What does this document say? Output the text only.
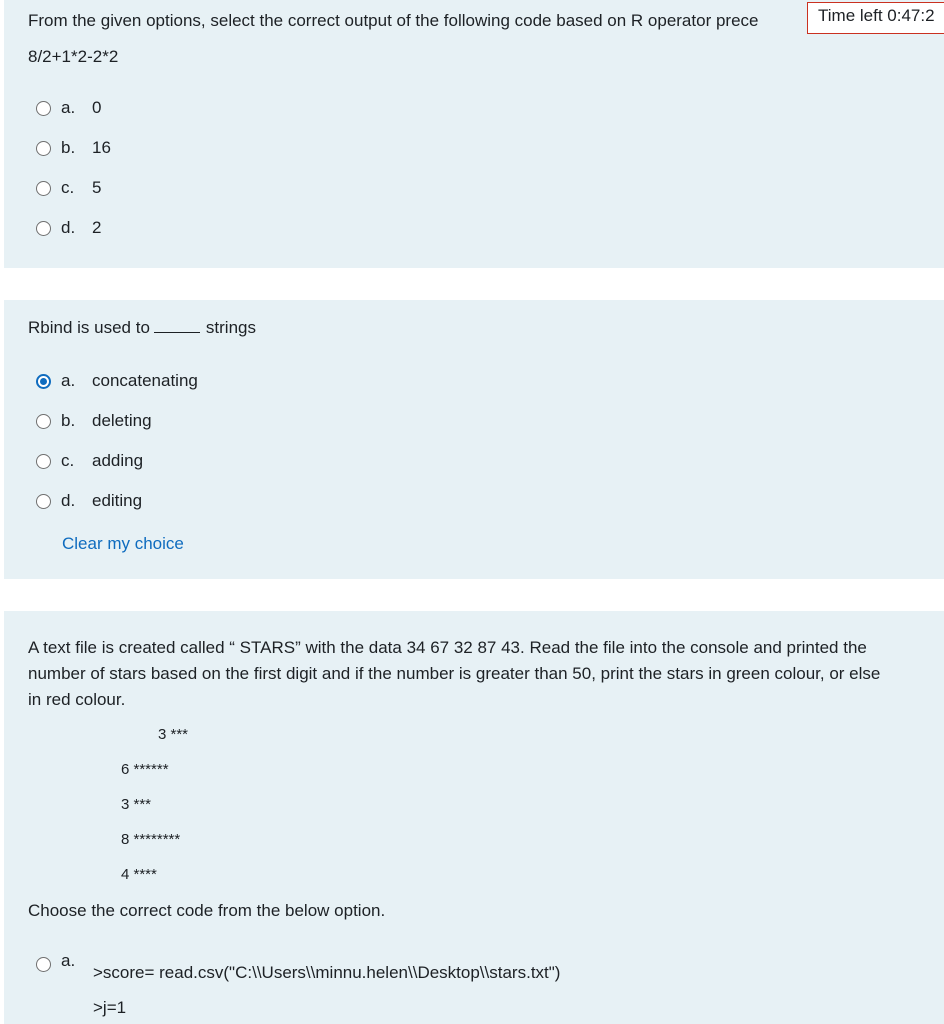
From the given options, select the correct output of the following code based on R operator prece
8/2+1*2-2*2
a. 0
b. 16
c.	5
d. 2
Rbind is used to	strings
a. concatenating
b. deleting
c.	adding
d. editing
Clear my choice
A text file is created called “ STARS” with the data 34 67 32 87 43. Read the file into the console and printed the
number of stars based on the first digit and if the number is greater than 50, print the stars in green colour, or else
in red colour.
3 ***
6 ******
3 ***
8 ********
4 ****
Choose the correct code from the below option.
a.
>score= read.csv("C:\\Users\\minnu.helen\\Desktop\\stars.txt")
>j=1
Time left 0:47:2
